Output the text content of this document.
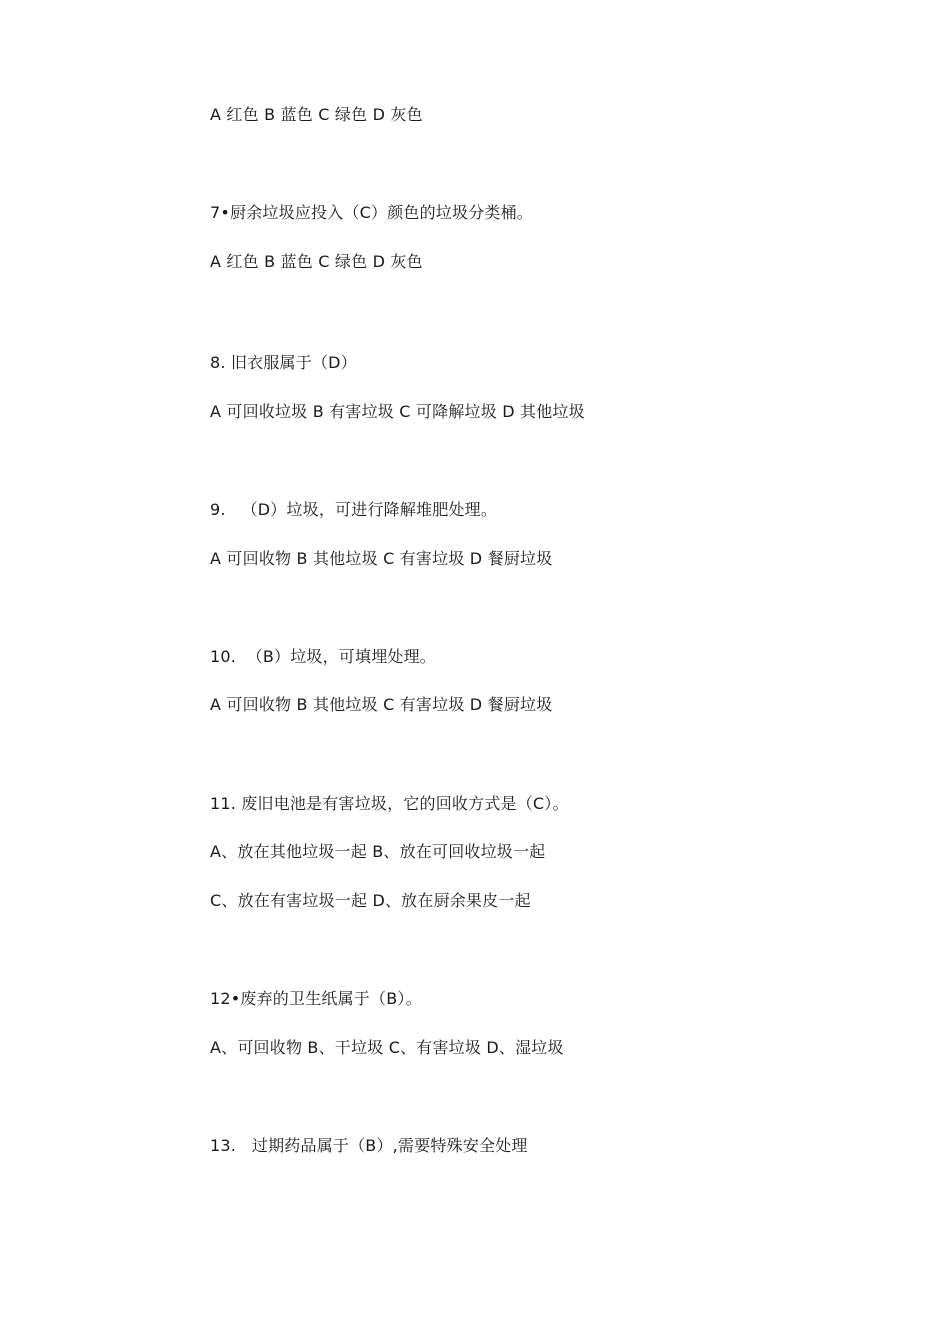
A 红色 B 蓝色 C 绿色 D 灰色
7•厨余垃圾应投入（C）颜色的垃圾分类桶。
A 红色 B 蓝色 C 绿色 D 灰色
8. 旧衣服属于（D）
A 可回收垃圾 B 有害垃圾 C 可降解垃圾 D 其他垃圾
9.   （D）垃圾，可进行降解堆肥处理。
A 可回收物 B 其他垃圾 C 有害垃圾 D 餐厨垃圾
10.  （B）垃圾，可填埋处理。
A 可回收物 B 其他垃圾 C 有害垃圾 D 餐厨垃圾
11. 废旧电池是有害垃圾，它的回收方式是（C）。
A、放在其他垃圾一起 B、放在可回收垃圾一起
C、放在有害垃圾一起 D、放在厨余果皮一起
12•废弃的卫生纸属于（B）。
A、可回收物 B、干垃圾 C、有害垃圾 D、湿垃圾
13.   过期药品属于（B）,需要特殊安全处理
